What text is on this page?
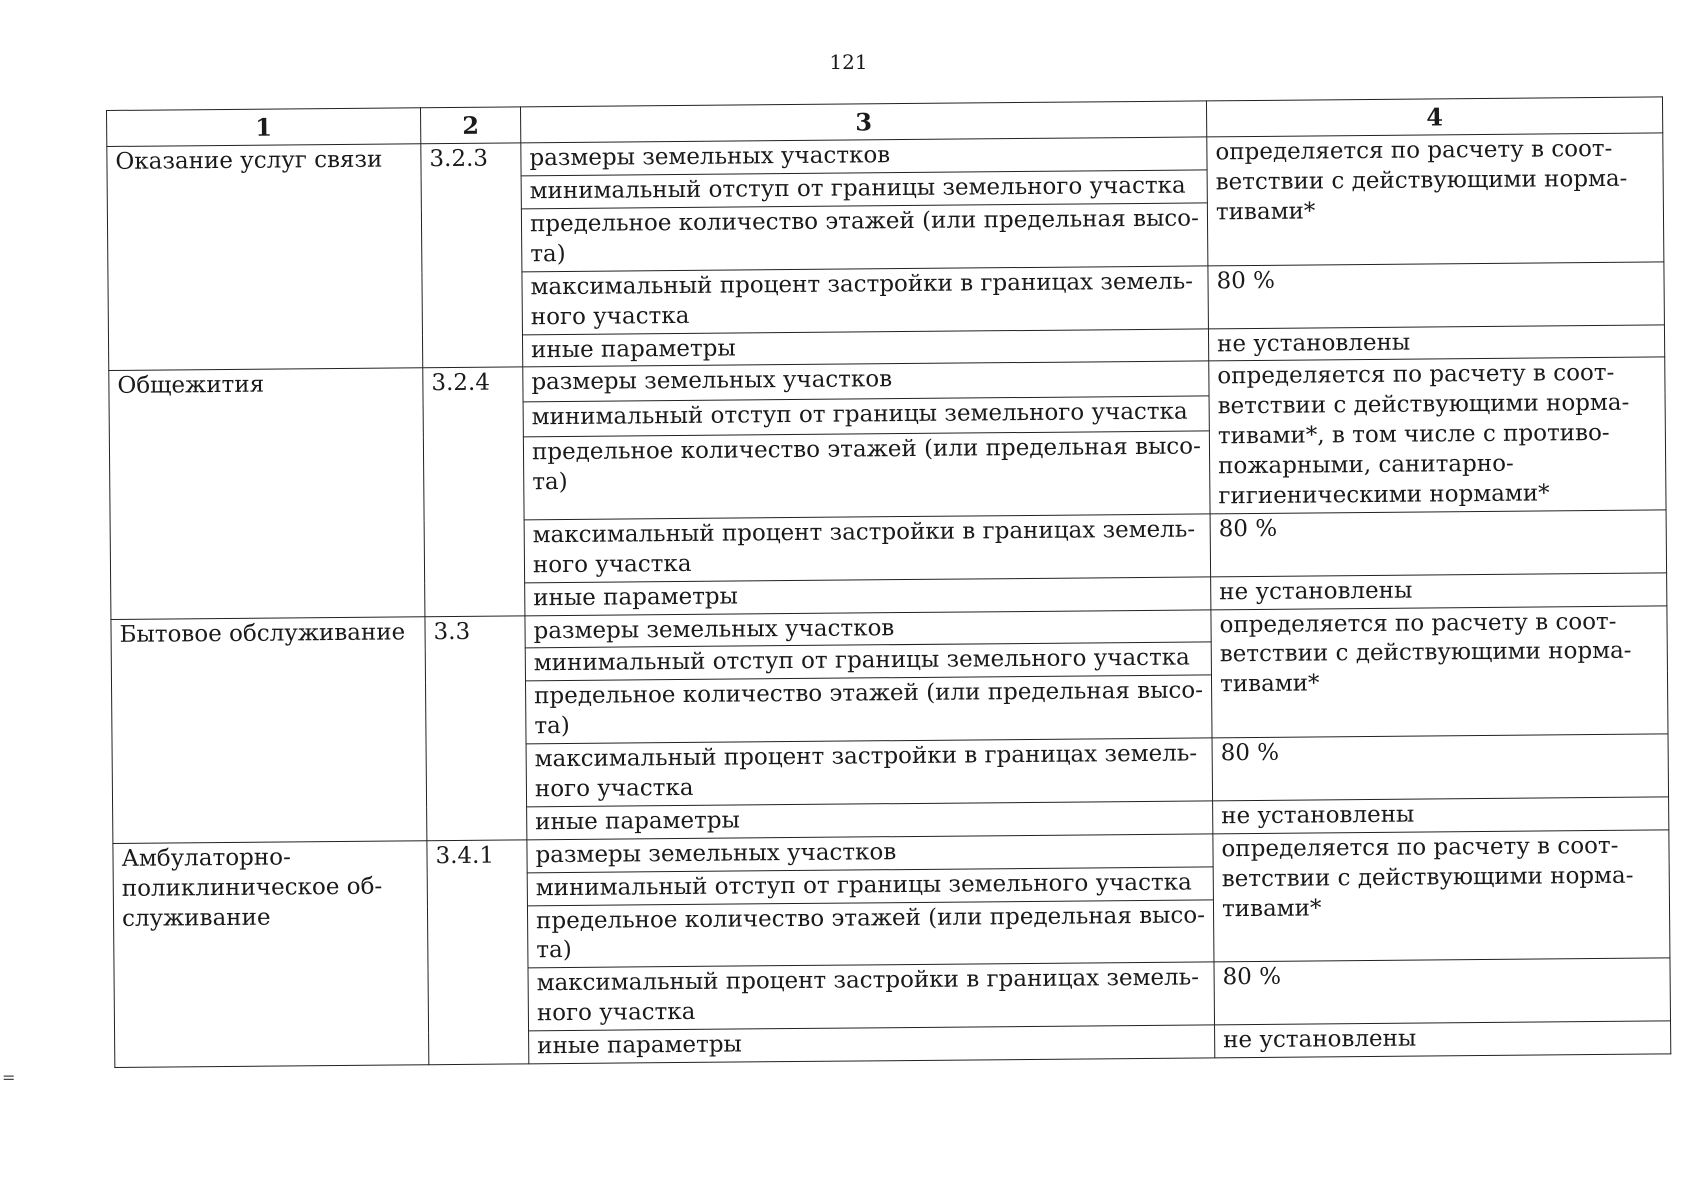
121
1	2	3	4
Оказание услуг связи	3.2.3	размеры земельных участков	определяется по расчету в соот-ветствии с действующими норма-тивами*
		минимальный отступ от границы земельного участка	
		предельное количество этажей (или предельная высо-та)	
		максимальный процент застройки в границах земель-ного участка	80 %
		иные параметры	не установлены
Общежития	3.2.4	размеры земельных участков	определяется по расчету в соот-ветствии с действующими норма-тивами*, в том числе с противо-пожарными, санитарно-гигиеническими нормами*
		минимальный отступ от границы земельного участка	
		предельное количество этажей (или предельная высо-та)	
		максимальный процент застройки в границах земель-ного участка	80 %
		иные параметры	не установлены
Бытовое обслуживание	3.3	размеры земельных участков	определяется по расчету в соот-ветствии с действующими норма-тивами*
		минимальный отступ от границы земельного участка	
		предельное количество этажей (или предельная высо-та)	
		максимальный процент застройки в границах земель-ного участка	80 %
		иные параметры	не установлены
Амбулаторно-поликлиническое об-служивание	3.4.1	размеры земельных участков	определяется по расчету в соот-ветствии с действующими норма-тивами*
		минимальный отступ от границы земельного участка	
		предельное количество этажей (или предельная высо-та)	
		максимальный процент застройки в границах земель-ного участка	80 %
		иные параметры	не установлены
=
